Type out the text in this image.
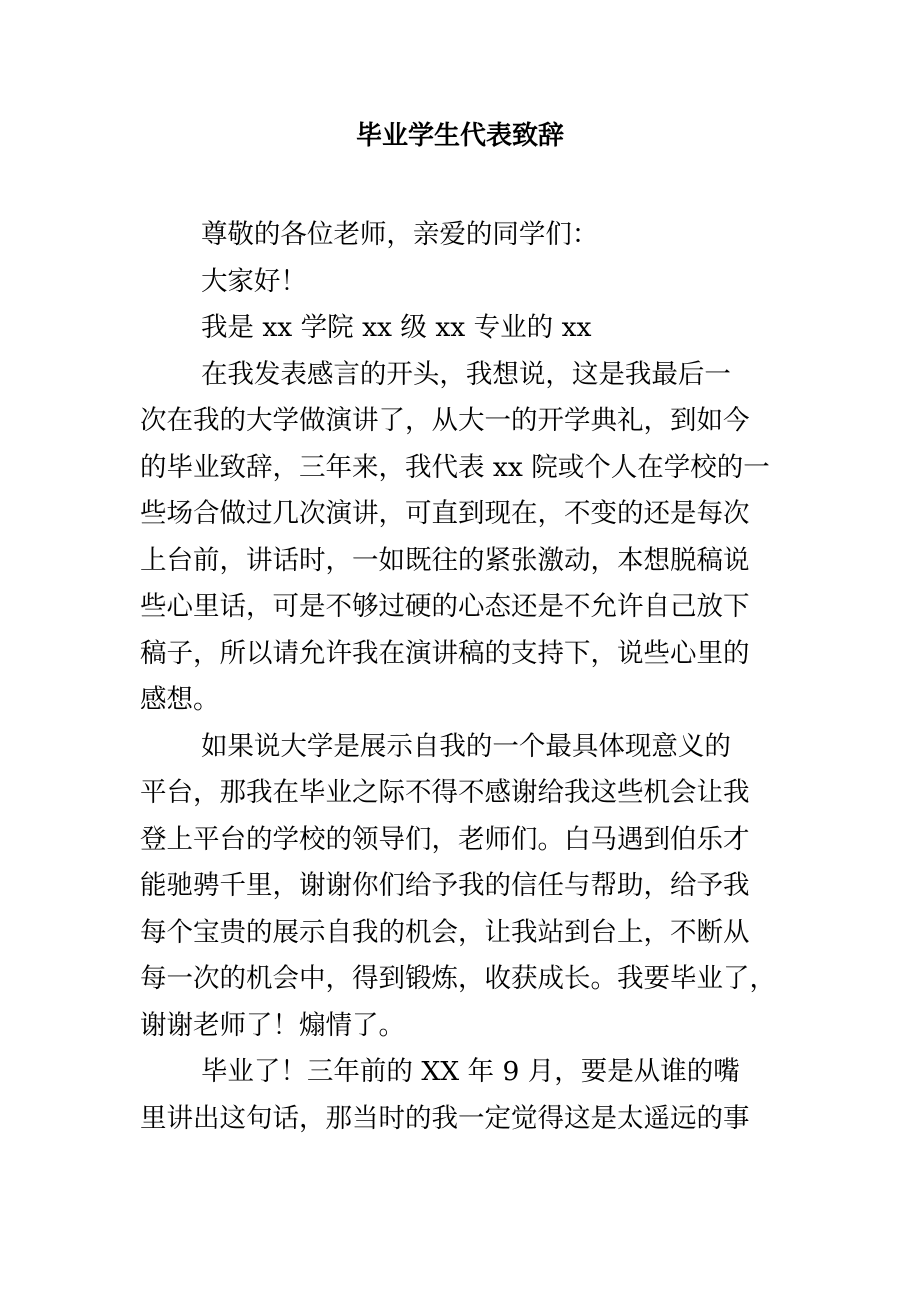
毕业学生代表致辞

尊敬的各位老师，亲爱的同学们：

大家好！

我是 xx 学院 xx 级 xx 专业的 xx

在我发表感言的开头，我想说，这是我最后一
次在我的大学做演讲了，从大一的开学典礼，到如今
的毕业致辞，三年来，我代表 xx 院或个人在学校的一
些场合做过几次演讲，可直到现在，不变的还是每次
上台前，讲话时，一如既往的紧张激动，本想脱稿说
些心里话，可是不够过硬的心态还是不允许自己放下
稿子，所以请允许我在演讲稿的支持下，说些心里的
感想。

如果说大学是展示自我的一个最具体现意义的
平台，那我在毕业之际不得不感谢给我这些机会让我
登上平台的学校的领导们，老师们。白马遇到伯乐才
能驰骋千里，谢谢你们给予我的信任与帮助，给予我
每个宝贵的展示自我的机会，让我站到台上，不断从
每一次的机会中，得到锻炼，收获成长。我要毕业了，
谢谢老师了！煽情了。

毕业了！三年前的 XX 年 9 月，要是从谁的嘴
里讲出这句话，那当时的我一定觉得这是太遥远的事
